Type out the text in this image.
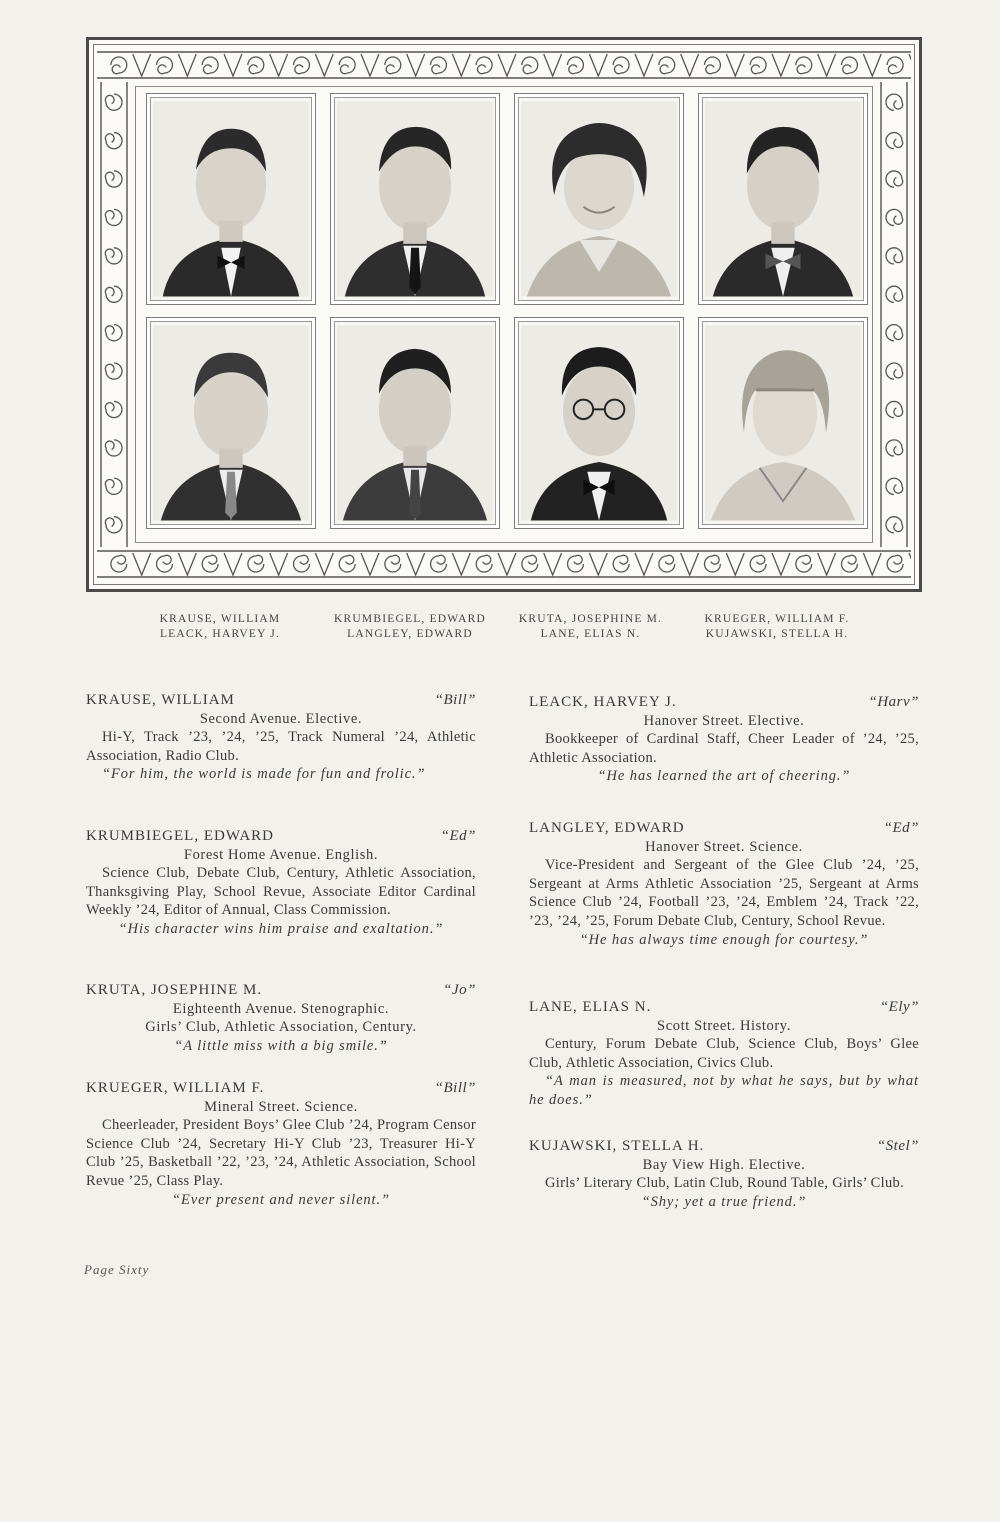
KRAUSE, WILLIAM
LEACK, HARVEY J.
KRUMBIEGEL, EDWARD
LANGLEY, EDWARD
KRUTA, JOSEPHINE M.
LANE, ELIAS N.
KRUEGER, WILLIAM F.
KUJAWSKI, STELLA H.
KRAUSE, WILLIAM	“Bill”
Second Avenue. Elective.
Hi-Y, Track ’23, ’24, ’25, Track Numeral ’24, Athletic Association, Radio Club.
“For him, the world is made for fun and frolic.”
KRUMBIEGEL, EDWARD	“Ed”
Forest Home Avenue. English.
Science Club, Debate Club, Century, Athletic Association, Thanksgiving Play, School Revue, Associate Editor Cardinal Weekly ’24, Editor of Annual, Class Commission.
“His character wins him praise and exaltation.”
KRUTA, JOSEPHINE M.	“Jo”
Eighteenth Avenue. Stenographic.
Girls’ Club, Athletic Association, Century.
“A little miss with a big smile.”
KRUEGER, WILLIAM F.	“Bill”
Mineral Street. Science.
Cheerleader, President Boys’ Glee Club ’24, Program Censor Science Club ’24, Secretary Hi-Y Club ’23, Treasurer Hi-Y Club ’25, Basketball ’22, ’23, ’24, Athletic Association, School Revue ’25, Class Play.
“Ever present and never silent.”
LEACK, HARVEY J.	“Harv”
Hanover Street. Elective.
Bookkeeper of Cardinal Staff, Cheer Leader of ’24, ’25, Athletic Association.
“He has learned the art of cheering.”
LANGLEY, EDWARD	“Ed”
Hanover Street. Science.
Vice-President and Sergeant of the Glee Club ’24, ’25, Sergeant at Arms Athletic Association ’25, Sergeant at Arms Science Club ’24, Football ’23, ’24, Emblem ’24, Track ’22, ’23, ’24, ’25, Forum Debate Club, Century, School Revue.
“He has always time enough for courtesy.”
LANE, ELIAS N.	“Ely”
Scott Street. History.
Century, Forum Debate Club, Science Club, Boys’ Glee Club, Athletic Association, Civics Club.
“A man is measured, not by what he says, but by what he does.”
KUJAWSKI, STELLA H.	“Stel”
Bay View High. Elective.
Girls’ Literary Club, Latin Club, Round Table, Girls’ Club.
“Shy; yet a true friend.”
Page Sixty
